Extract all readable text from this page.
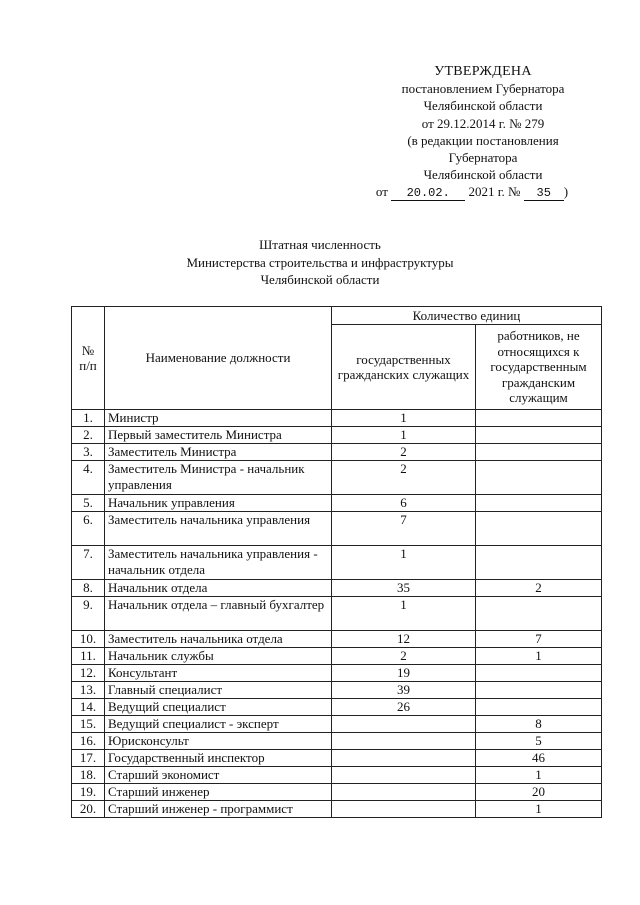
УТВЕРЖДЕНА
постановлением Губернатора
Челябинской области
от 29.12.2014 г. № 279
(в редакции постановления
Губернатора
Челябинской области
от 20.02. 2021 г. № 35 )
Штатная численность
Министерства строительства и инфраструктуры
Челябинской области
№ п/п	Наименование должности	Количество единиц	
		государственных гражданских служащих	работников, не относящихся к государственным гражданским служащим
1.	Министр	1	
2.	Первый заместитель Министра	1	
3.	Заместитель Министра	2	
4.	Заместитель Министра - начальник управления	2	
5.	Начальник управления	6	
6.	Заместитель начальника управления	7	
7.	Заместитель начальника управления - начальник отдела	1	
8.	Начальник отдела	35	2
9.	Начальник отдела – главный бухгалтер	1	
10.	Заместитель начальника отдела	12	7
11.	Начальник службы	2	1
12.	Консультант	19	
13.	Главный специалист	39	
14.	Ведущий специалист	26	
15.	Ведущий специалист - эксперт		8
16.	Юрисконсульт		5
17.	Государственный инспектор		46
18.	Старший экономист		1
19.	Старший инженер		20
20.	Старший инженер - программист		1
